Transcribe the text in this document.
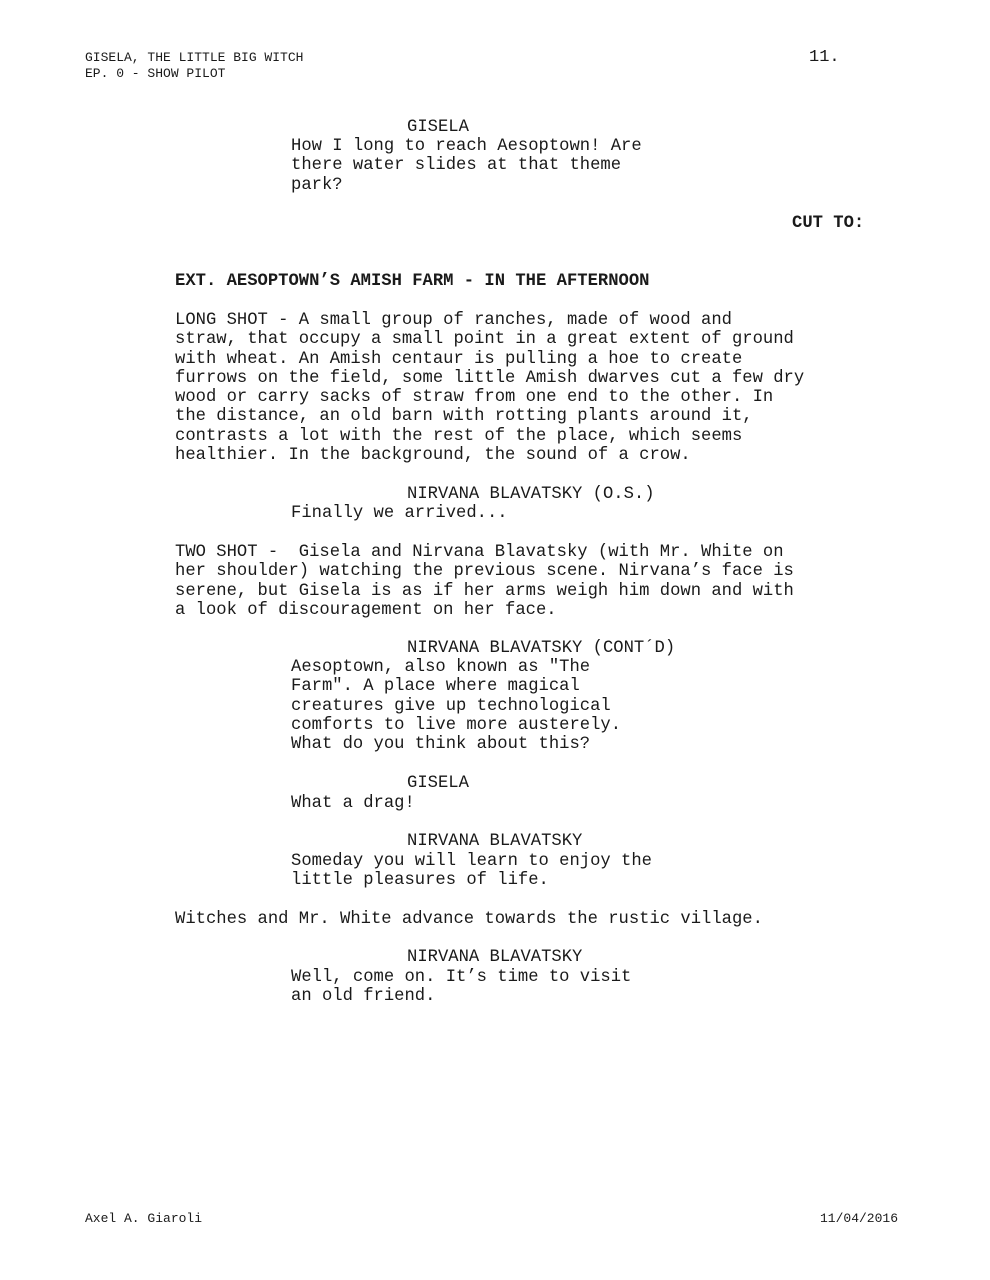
GISELA, THE LITTLE BIG WITCH
EP. 0 - SHOW PILOT
11.
GISELA
How I long to reach Aesoptown! Are
there water slides at that theme
park?
CUT TO:
EXT. AESOPTOWN’S AMISH FARM - IN THE AFTERNOON
LONG SHOT - A small group of ranches, made of wood and
straw, that occupy a small point in a great extent of ground
with wheat. An Amish centaur is pulling a hoe to create
furrows on the field, some little Amish dwarves cut a few dry
wood or carry sacks of straw from one end to the other. In
the distance, an old barn with rotting plants around it,
contrasts a lot with the rest of the place, which seems
healthier. In the background, the sound of a crow.
NIRVANA BLAVATSKY (O.S.)
Finally we arrived...
TWO SHOT -  Gisela and Nirvana Blavatsky (with Mr. White on
her shoulder) watching the previous scene. Nirvana’s face is
serene, but Gisela is as if her arms weigh him down and with
a look of discouragement on her face.
NIRVANA BLAVATSKY (CONT´D)
Aesoptown, also known as "The
Farm". A place where magical
creatures give up technological
comforts to live more austerely.
What do you think about this?
GISELA
What a drag!
NIRVANA BLAVATSKY
Someday you will learn to enjoy the
little pleasures of life.
Witches and Mr. White advance towards the rustic village.
NIRVANA BLAVATSKY
Well, come on. It’s time to visit
an old friend.
Axel A. Giaroli	11/04/2016
